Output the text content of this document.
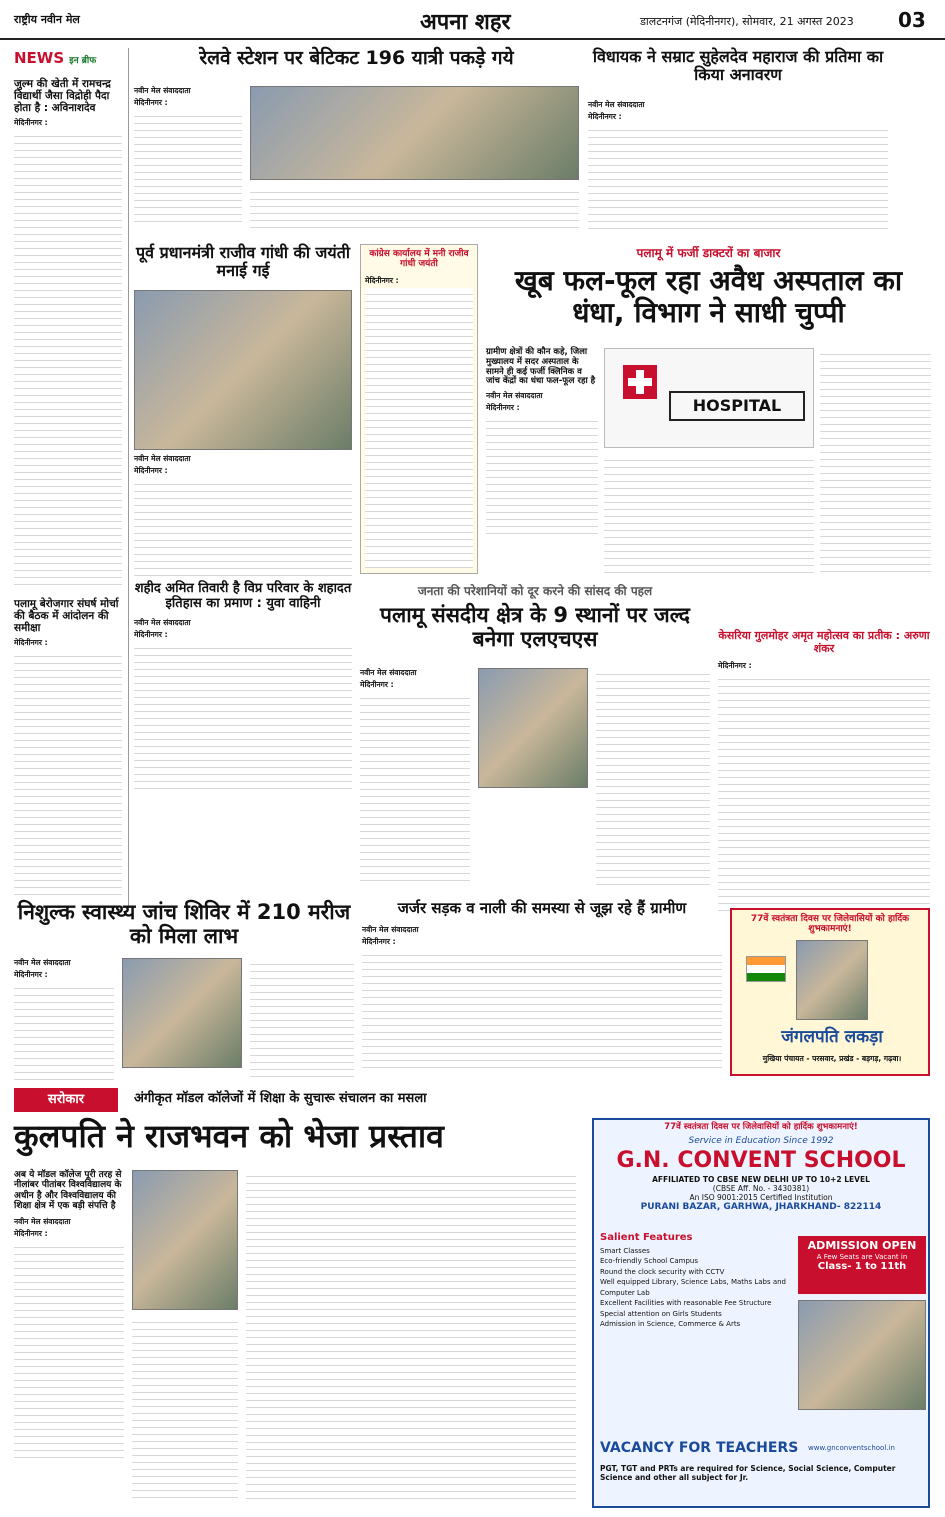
राष्ट्रीय नवीन मेल	अपना शहर	डालटनगंज (मेदिनीनगर), सोमवार, 21 अगस्त 2023 03
NEWS इन ब्रीफ
जुल्म की खेती में रामचन्द्र विद्यार्थी जैसा विद्रोही पैदा होता है : अविनाशदेव
मेदिनीनगर :
पलामू बेरोजगार संघर्ष मोर्चा की बैठक में आंदोलन की समीक्षा
मेदिनीनगर :
रेलवे स्टेशन पर बेटिकट 196 यात्री पकड़े गये
नवीन मेल संवाददाता
मेदिनीनगर :
विधायक ने सम्राट सुहेलदेव महाराज की प्रतिमा का किया अनावरण
नवीन मेल संवाददाता
मेदिनीनगर :
पूर्व प्रधानमंत्री राजीव गांधी की जयंती मनाई गई
नवीन मेल संवाददाता
मेदिनीनगर :
कांग्रेस कार्यालय में मनी राजीव गांधी जयंती
मेदिनीनगर :
पलामू में फर्जी डाक्टरों का बाजार
खूब फल-फूल रहा अवैध अस्पताल का धंधा, विभाग ने साधी चुप्पी
ग्रामीण क्षेत्रों की कौन कहे, जिला मुख्यालय में सदर अस्पताल के सामने ही कई फर्जी क्लिनिक व जांच केंद्रों का धंधा फल-फूल रहा है
नवीन मेल संवाददाता
मेदिनीनगर :	HOSPITAL
शहीद अमित तिवारी है विप्र परिवार के शहादत इतिहास का प्रमाण : युवा वाहिनी
नवीन मेल संवाददाता
मेदिनीनगर :
जनता की परेशानियों को दूर करने की सांसद की पहल
पलामू संसदीय क्षेत्र के 9 स्थानों पर जल्द बनेगा एलएचएस
नवीन मेल संवाददाता
मेदिनीनगर :
केसरिया गुलमोहर अमृत महोत्सव का प्रतीक : अरुणा शंकर
मेदिनीनगर :
निशुल्क स्वास्थ्य जांच शिविर में 210 मरीज को मिला लाभ
नवीन मेल संवाददाता
मेदिनीनगर :
जर्जर सड़क व नाली की समस्या से जूझ रहे हैं ग्रामीण
नवीन मेल संवाददाता
मेदिनीनगर :
77वें स्वतंत्रता दिवस पर जिलेवासियों को हार्दिक शुभकामनाएं!
जंगलपति लकड़ा
मुखिया पंचायत - परसवार, प्रखंड - बड़गड़, गढ़वा।
सरोकार	अंगीकृत मॉडल कॉलेजों में शिक्षा के सुचारू संचालन का मसला
कुलपति ने राजभवन को भेजा प्रस्ताव
अब ये मॉडल कॉलेज पूरी तरह से नीलांबर पीतांबर विश्वविद्यालय के अधीन है और विश्वविद्यालय की शिक्षा क्षेत्र में एक बड़ी संपत्ति है
नवीन मेल संवाददाता
मेदिनीनगर :
77वें स्वतंत्रता दिवस पर जिलेवासियों को हार्दिक शुभकामनाएं!
Service in Education Since 1992
G.N. CONVENT SCHOOL
AFFILIATED TO CBSE NEW DELHI UP TO 10+2 LEVEL
(CBSE Aff. No. - 3430381)
An ISO 9001:2015 Certified Institution
PURANI BAZAR, GARHWA, JHARKHAND- 822114
Salient Features
Smart Classes
Eco-friendly School Campus
Round the clock security with CCTV
Well equipped Library, Science Labs, Maths Labs and Computer Lab
Excellent Facilities with reasonable Fee Structure
Special attention on Girls Students
Admission in Science, Commerce & Arts
ADMISSION OPEN
A Few Seats are Vacant in
Class- 1 to 11th
VACANCY FOR TEACHERS www.gnconventschool.in
PGT, TGT and PRTs are required for Science, Social Science, Computer Science and other all subject for Jr.
